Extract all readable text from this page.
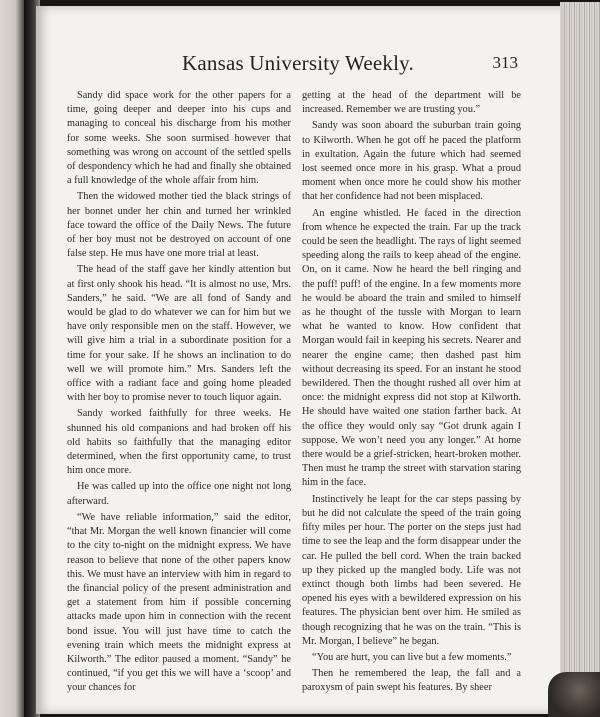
Kansas University Weekly.	313

Sandy did space work for the other papers for a time, going deeper and deeper into his cups and managing to conceal his discharge from his mother for some weeks. She soon surmised however that something was wrong on account of the settled spells of despondency which he had and finally she obtained a full knowledge of the whole affair from him.

Then the widowed mother tied the black strings of her bonnet under her chin and turned her wrinkled face toward the office of the Daily News. The future of her boy must not be destroyed on account of one false step. He mus have one more trial at least.

The head of the staff gave her kindly attention but at first only shook his head. “It is almost no use, Mrs. Sanders,” he said. “We are all fond of Sandy and would be glad to do whatever we can for him but we have only responsible men on the staff. However, we will give him a trial in a subordinate position for a time for your sake. If he shows an inclination to do well we will promote him.” Mrs. Sanders left the office with a radiant face and going home pleaded with her boy to promise never to touch liquor again.

Sandy worked faithfully for three weeks. He shunned his old companions and had broken off his old habits so faithfully that the managing editor determined, when the first opportunity came, to trust him once more.

He was called up into the office one night not long afterward.

“We have reliable information,” said the editor, “that Mr. Morgan the well known financier will come to the city to-night on the midnight express. We have reason to believe that none of the other papers know this. We must have an interview with him in regard to the financial policy of the present administration and get a statement from him if possible concerning attacks made upon him in connection with the recent bond issue. You will just have time to catch the evening train which meets the midnight express at Kilworth.” The editor paused a moment. “Sandy” he continued, “if you get this we will have a ‘scoop’ and your chances for

getting at the head of the department will be increased. Remember we are trusting you.”

Sandy was soon aboard the suburban train going to Kilworth. When he got off he paced the platform in exultation. Again the future which had seemed lost seemed once more in his grasp. What a proud moment when once more he could show his mother that her confidence had not been misplaced.

An engine whistled. He faced in the direction from whence he expected the train. Far up the track could be seen the headlight. The rays of light seemed speeding along the rails to keep ahead of the engine. On, on it came. Now he heard the bell ringing and the puff! puff! of the engine. In a few moments more he would be aboard the train and smiled to himself as he thought of the tussle with Morgan to learn what he wanted to know. How confident that Morgan would fail in keeping his secrets. Nearer and nearer the engine came; then dashed past him without decreasing its speed. For an instant he stood bewildered. Then the thought rushed all over him at once: the midnight express did not stop at Kilworth. He should have waited one station farther back. At the office they would only say “Got drunk again I suppose. We won’t need you any longer.” At home there would be a grief-stricken, heart-broken mother. Then must he tramp the street with starvation staring him in the face.

Instinctively he leapt for the car steps passing by but he did not calculate the speed of the train going fifty miles per hour. The porter on the steps just had time to see the leap and the form disappear under the car. He pulled the bell cord. When the train backed up they picked up the mangled body. Life was not extinct though both limbs had been severed. He opened his eyes with a bewildered expression on his features. The physician bent over him. He smiled as though recognizing that he was on the train. “This is Mr. Morgan, I believe” he began.

“You are hurt, you can live but a few moments.”

Then he remembered the leap, the fall and a paroxysm of pain swept his features. By sheer
